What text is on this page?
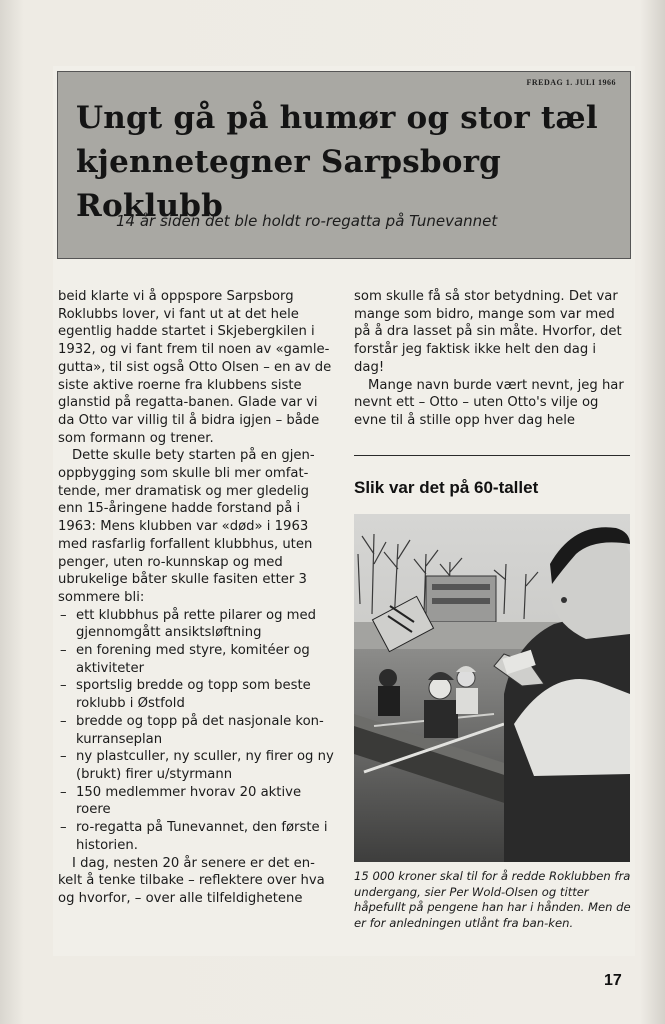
FREDAG 1. JULI 1966
Ungt gå på humør og stor tæl
kjennetegner Sarpsborg Roklubb
14 år siden det ble holdt ro-regatta på Tunevannet

beid klarte vi å oppspore Sarpsborg Roklubbs lover, vi fant ut at det hele egentlig hadde startet i Skjebergkilen i 1932, og vi fant frem til noen av «gamle-gutta», til sist også Otto Olsen – en av de siste aktive roerne fra klubbens siste glanstid på regatta-banen. Glade var vi da Otto var villig til å bidra igjen – både som formann og trener.

Dette skulle bety starten på en gjen-oppbygging som skulle bli mer omfat-tende, mer dramatisk og mer gledelig enn 15-åringene hadde forstand på i 1963: Mens klubben var «død» i 1963 med rasfarlig forfallent klubbhus, uten penger, uten ro-kunnskap og med ubrukelige båter skulle fasiten etter 3 sommere bli:

– ett klubbhus på rette pilarer og med gjennomgått ansiktsløftning
– en forening med styre, komitéer og aktiviteter
– sportslig bredde og topp som beste roklubb i Østfold
– bredde og topp på det nasjonale kon-kurranseplan
– ny plastculler, ny sculler, ny firer og ny (brukt) firer u/styrmann
– 150 medlemmer hvorav 20 aktive roere
– ro-regatta på Tunevannet, den første i historien.

I dag, nesten 20 år senere er det en-kelt å tenke tilbake – reflektere over hva og hvorfor, – over alle tilfeldighetene

som skulle få så stor betydning. Det var mange som bidro, mange som var med på å dra lasset på sin måte. Hvorfor, det forstår jeg faktisk ikke helt den dag i dag!

Mange navn burde vært nevnt, jeg har nevnt ett – Otto – uten Otto's vilje og evne til å stille opp hver dag hele

Slik var det på 60-tallet
15 000 kroner skal til for å redde Roklubben fra undergang, sier Per Wold-Olsen og titter håpefullt på pengene han har i hånden. Men de er for anledningen utlånt fra ban-ken.
17
